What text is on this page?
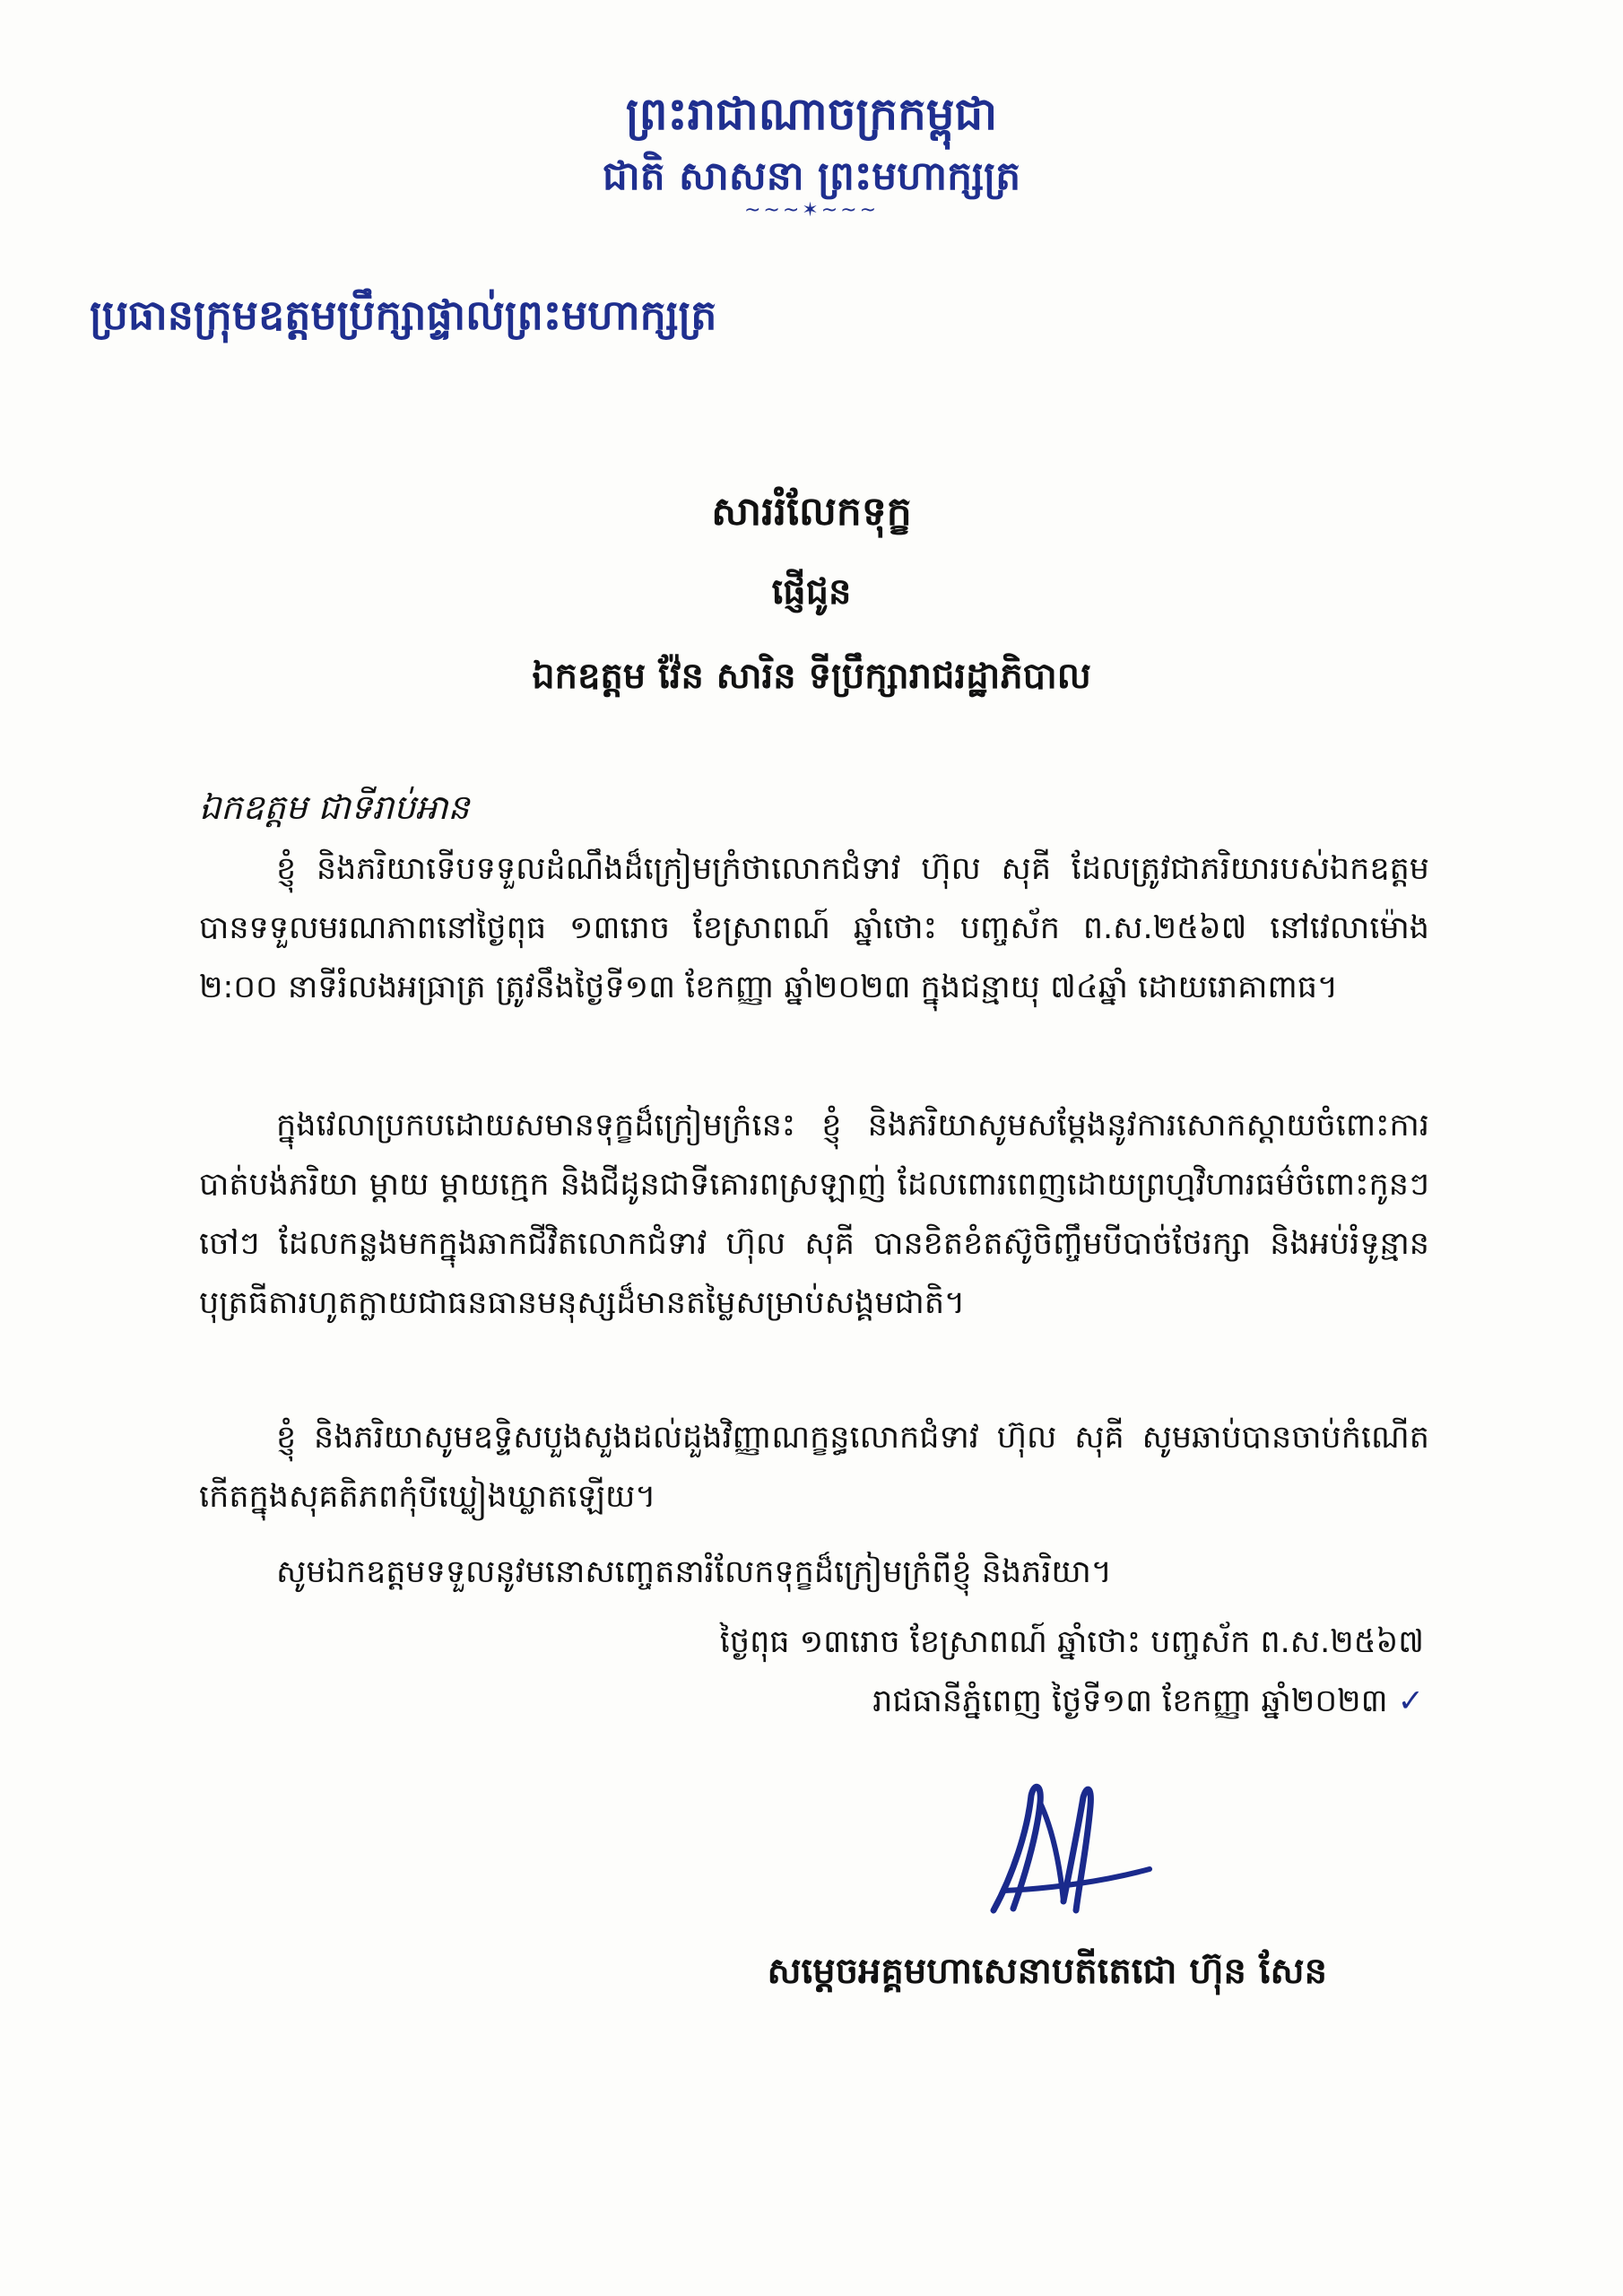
ព្រះរាជាណាចក្រកម្ពុជា
ជាតិ សាសនា ព្រះមហាក្សត្រ
~~~✶~~~
ប្រធានក្រុមឧត្តមប្រឹក្សាផ្ទាល់ព្រះមហាក្សត្រ
សាររំលែកទុក្ខ
ផ្ញើជូន
ឯកឧត្តម វ៉ែន សារិន ទីប្រឹក្សារាជរដ្ឋាភិបាល
ឯកឧត្តម ជាទីរាប់អាន

ខ្ញុំ និងភរិយាទើបទទួលដំណឹងដ៏ក្រៀមក្រំថាលោកជំទាវ ហ៊ុល សុគី ដែលត្រូវជាភរិយារបស់ឯកឧត្តម បានទទួលមរណភាពនៅថ្ងៃពុធ ១៣រោច ខែស្រាពណ៍ ឆ្នាំថោះ បញ្ចស័ក ព.ស.២៥៦៧ នៅវេលាម៉ោង ២:០០ នាទីរំលងអធ្រាត្រ ត្រូវនឹងថ្ងៃទី១៣ ខែកញ្ញា ឆ្នាំ២០២៣ ក្នុងជន្មាយុ ៧៤ឆ្នាំ ដោយរោគាពាធ។

ក្នុងវេលាប្រកបដោយសមានទុក្ខដ៏ក្រៀមក្រំនេះ ខ្ញុំ និងភរិយាសូមសម្ដែងនូវការសោកស្ដាយចំពោះការបាត់បង់ភរិយា ម្ដាយ ម្ដាយក្មេក និងជីដូនជាទីគោរពស្រឡាញ់ ដែលពោរពេញដោយព្រហ្មវិហារធម៌ចំពោះកូនៗ ចៅៗ ដែលកន្លងមកក្នុងឆាកជីវិតលោកជំទាវ ហ៊ុល សុគី បានខិតខំតស៊ូចិញ្ចឹមបីបាច់ថែរក្សា និងអប់រំទូន្មានបុត្រធីតារហូតក្លាយជាធនធានមនុស្សដ៏មានតម្លៃសម្រាប់សង្គមជាតិ។

ខ្ញុំ និងភរិយាសូមឧទ្ទិសបួងសួងដល់ដួងវិញ្ញាណក្ខន្ធលោកជំទាវ ហ៊ុល សុគី សូមឆាប់បានចាប់កំណើតកើតក្នុងសុគតិភពកុំបីឃ្លៀងឃ្លាតឡើយ។

សូមឯកឧត្តមទទួលនូវមនោសញ្ចេតនារំលែកទុក្ខដ៏ក្រៀមក្រំពីខ្ញុំ និងភរិយា។

ថ្ងៃពុធ ១៣រោច ខែស្រាពណ៍ ឆ្នាំថោះ បញ្ចស័ក ព.ស.២៥៦៧
រាជធានីភ្នំពេញ ថ្ងៃទី១៣ ខែកញ្ញា ឆ្នាំ២០២៣ ✓
សម្ដេចអគ្គមហាសេនាបតីតេជោ ហ៊ុន សែន
